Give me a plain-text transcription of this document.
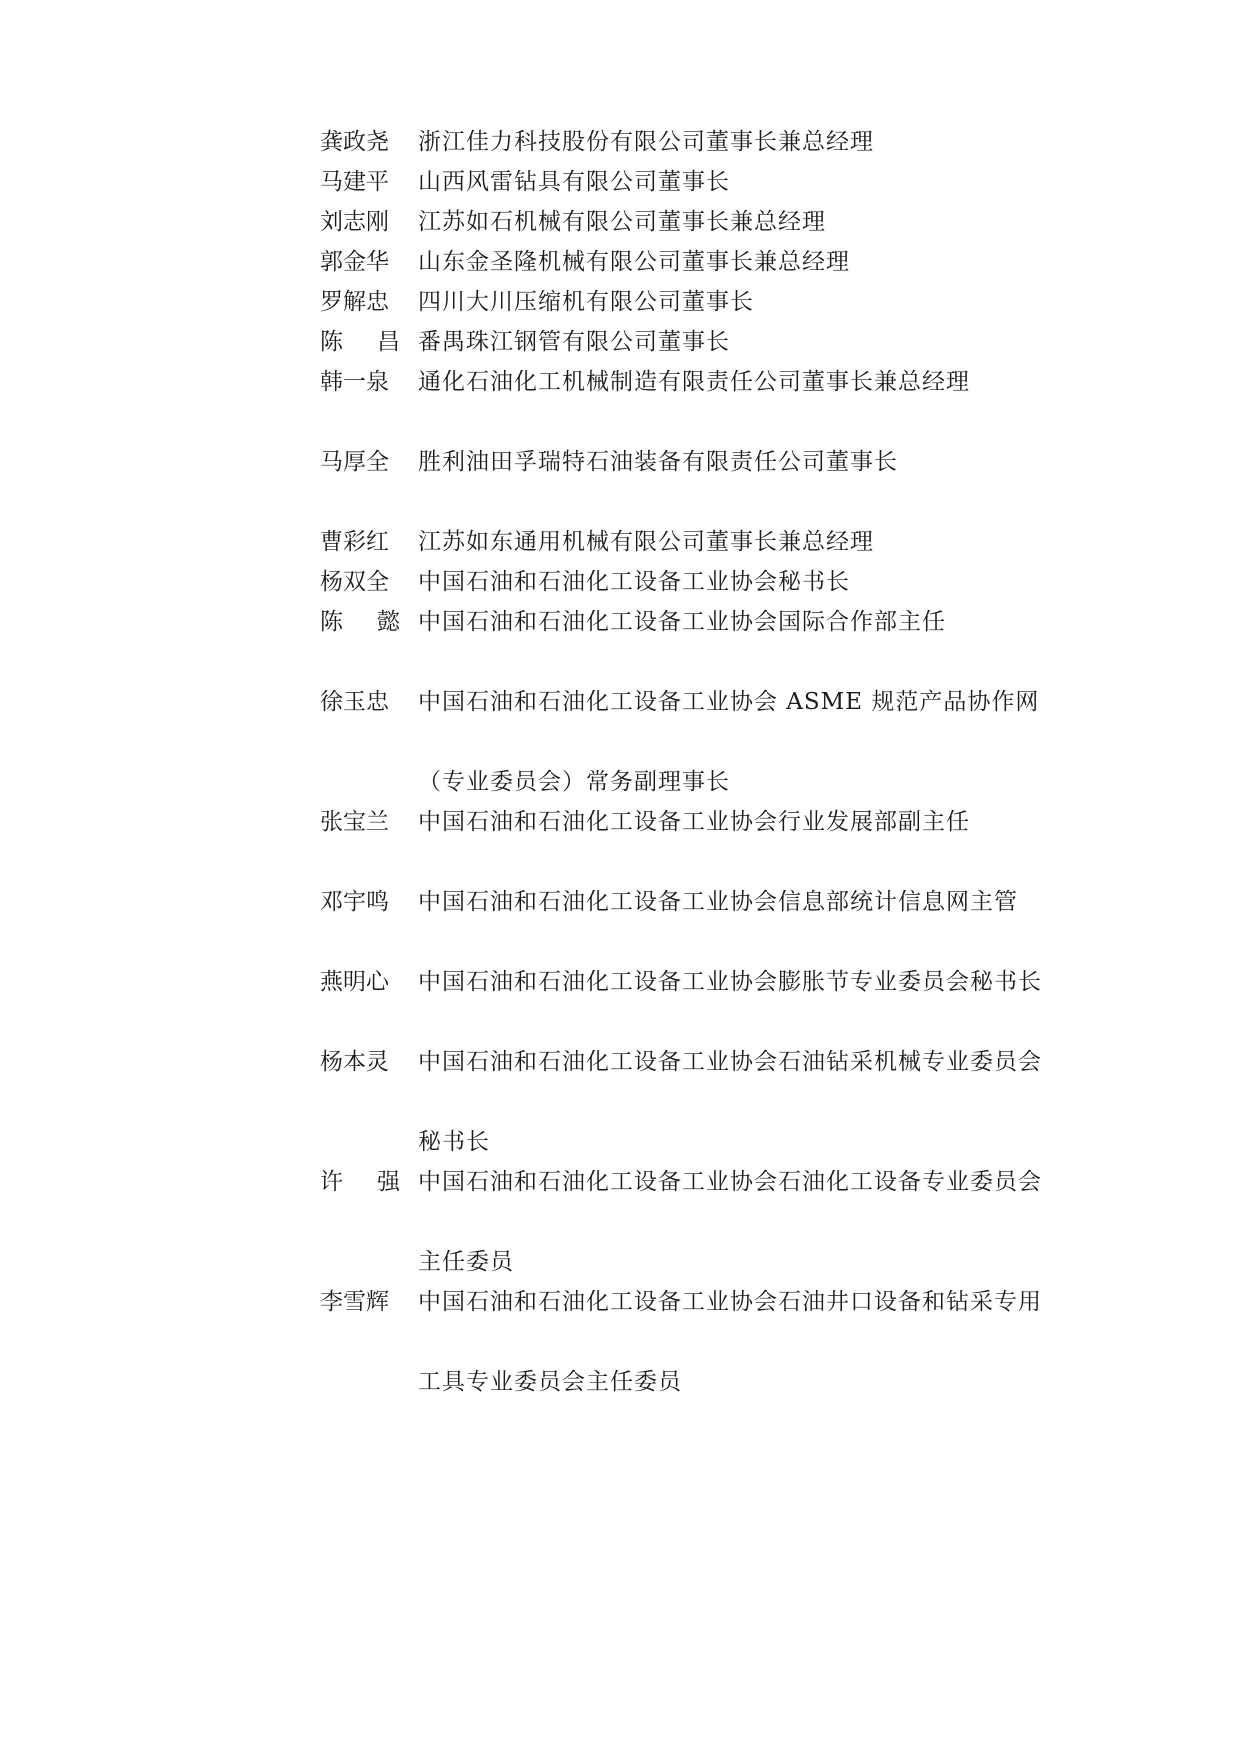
龚政尧	浙江佳力科技股份有限公司董事长兼总经理
马建平	山西风雷钻具有限公司董事长
刘志刚	江苏如石机械有限公司董事长兼总经理
郭金华	山东金圣隆机械有限公司董事长兼总经理
罗解忠	四川大川压缩机有限公司董事长
陈 昌 番禺珠江钢管有限公司董事长
韩一泉	通化石油化工机械制造有限责任公司董事长兼总经理
马厚全	胜利油田孚瑞特石油装备有限责任公司董事长
曹彩红	江苏如东通用机械有限公司董事长兼总经理
杨双全	中国石油和石油化工设备工业协会秘书长
陈 懿 中国石油和石油化工设备工业协会国际合作部主任
徐玉忠	中国石油和石油化工设备工业协会 ASME 规范产品协作网
（专业委员会）常务副理事长
张宝兰	中国石油和石油化工设备工业协会行业发展部副主任
邓宇鸣	中国石油和石油化工设备工业协会信息部统计信息网主管
燕明心	中国石油和石油化工设备工业协会膨胀节专业委员会秘书长
杨本灵	中国石油和石油化工设备工业协会石油钻采机械专业委员会
秘书长
许 强 中国石油和石油化工设备工业协会石油化工设备专业委员会
主任委员
李雪辉	中国石油和石油化工设备工业协会石油井口设备和钻采专用
工具专业委员会主任委员
